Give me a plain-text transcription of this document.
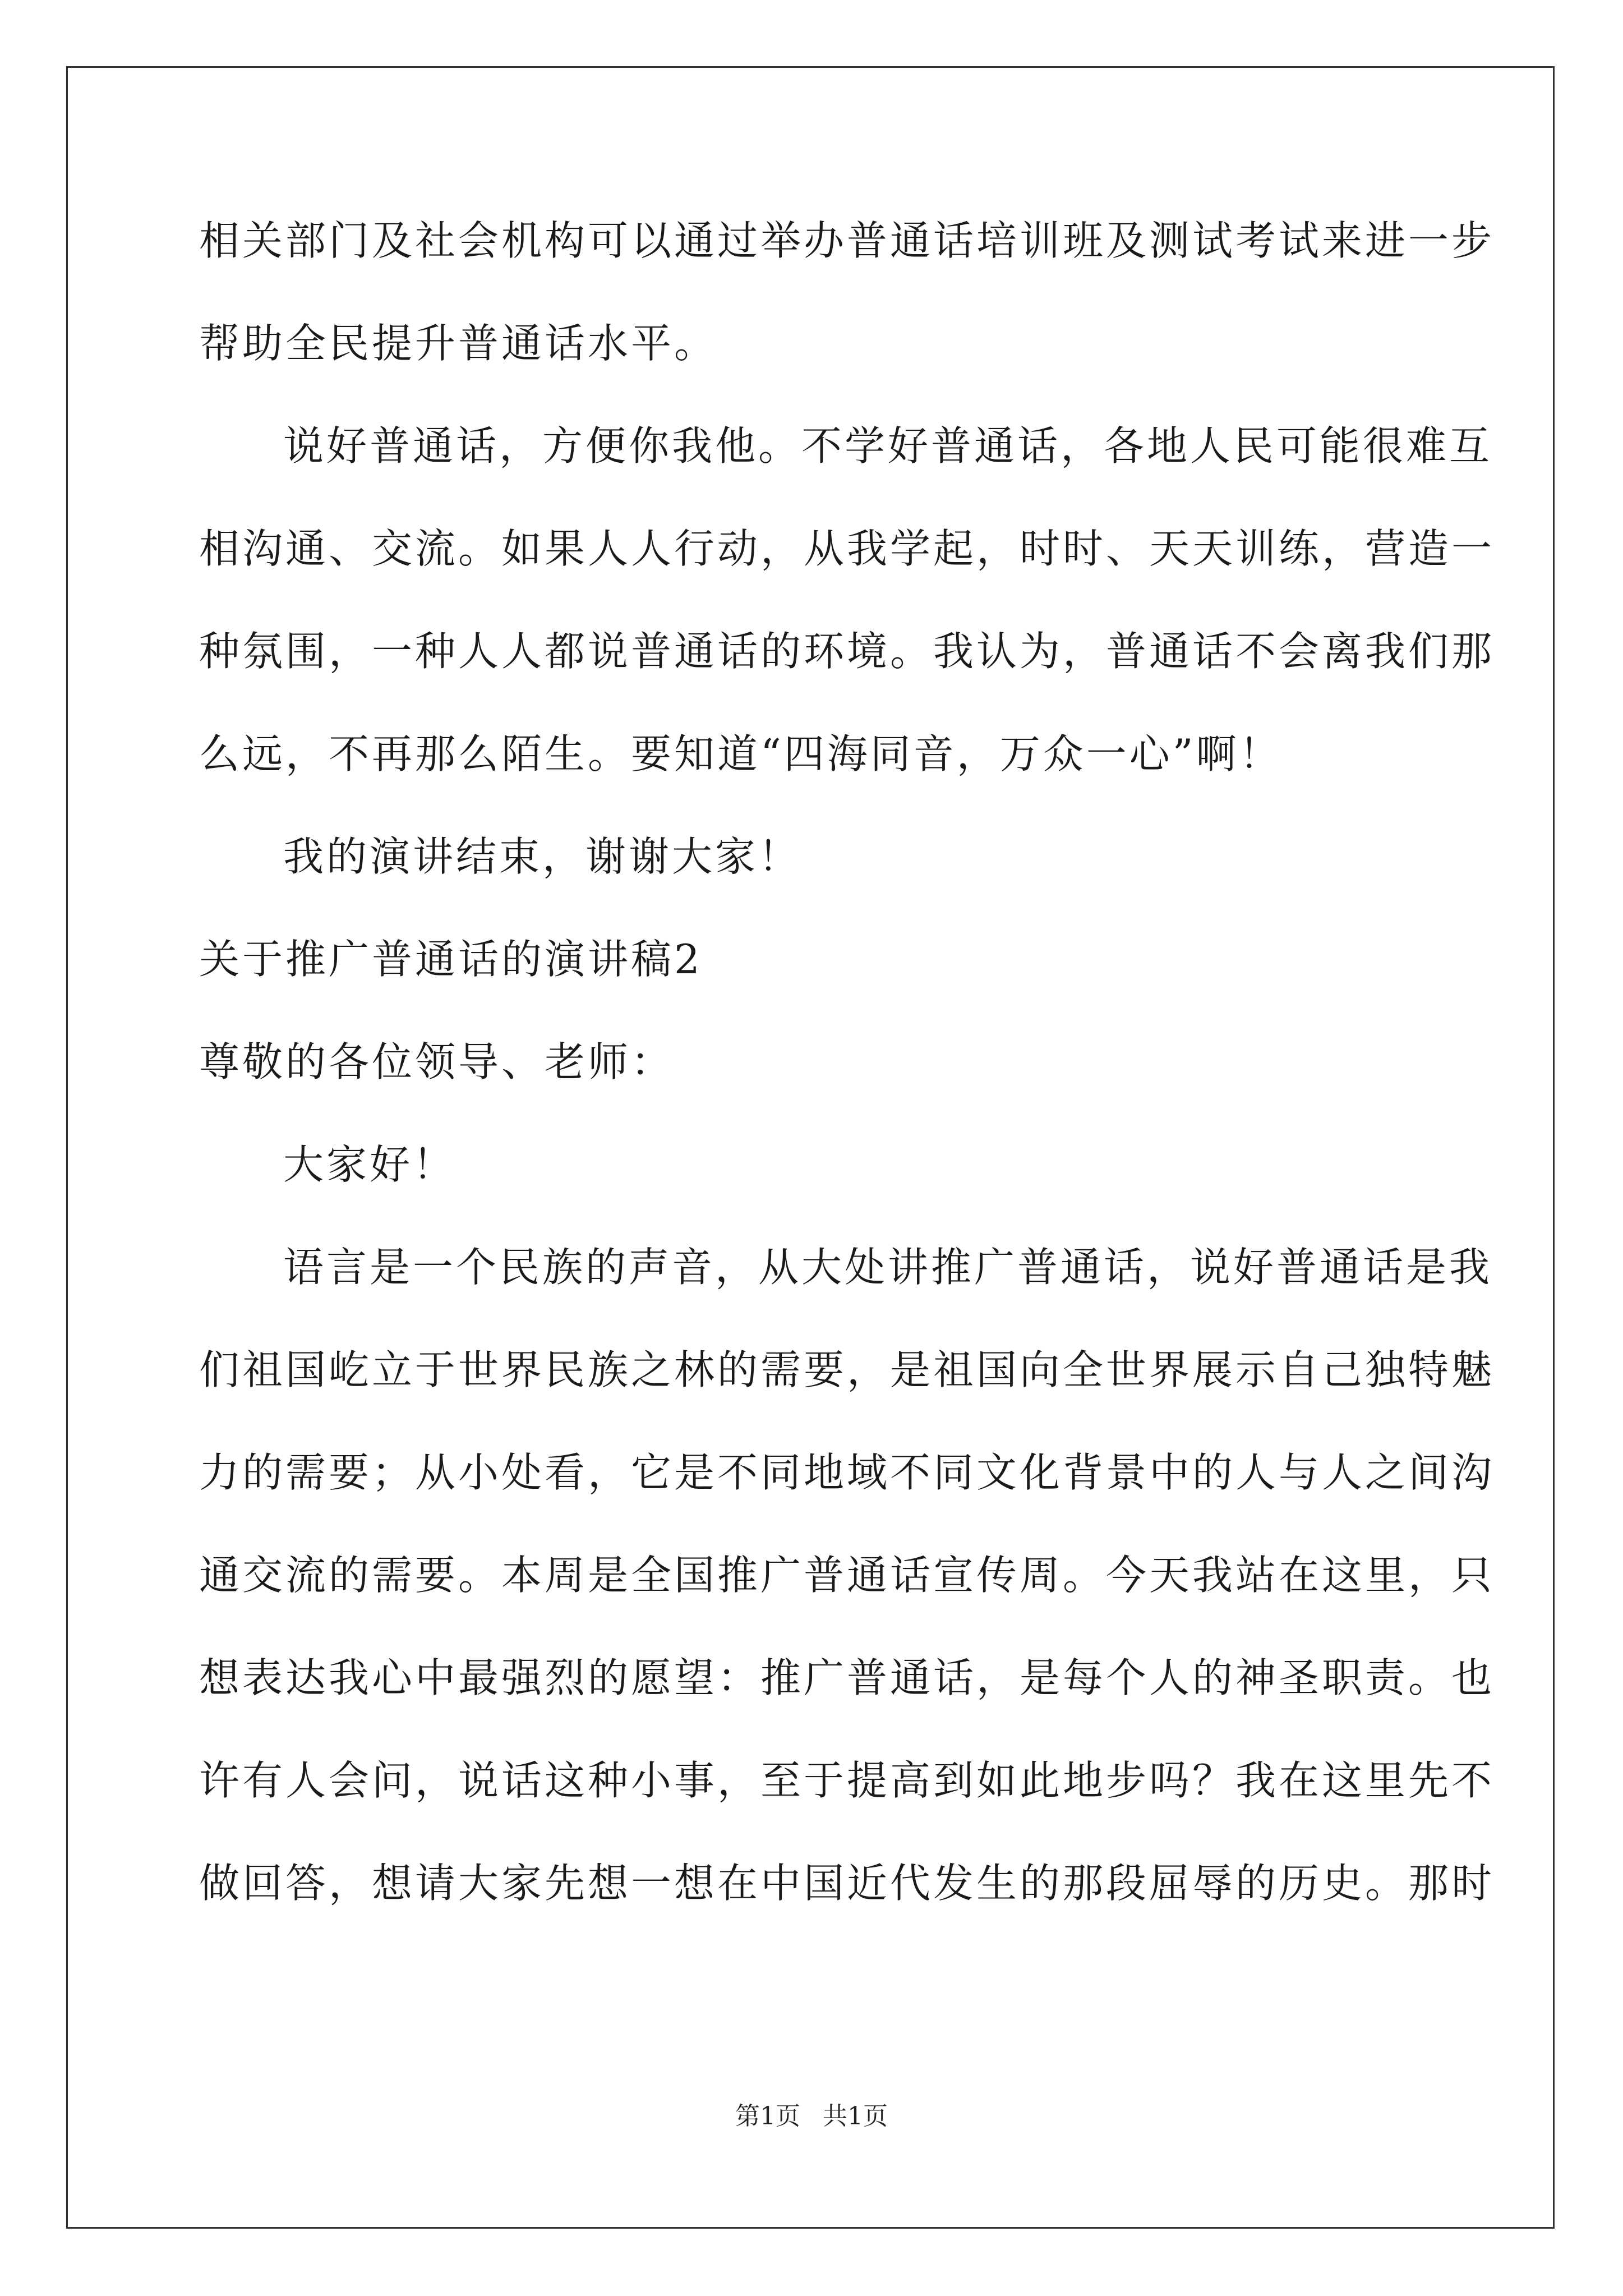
相关部门及社会机构可以通过举办普通话培训班及测试考试来进一步
帮助全民提升普通话水平。
说好普通话，方便你我他。不学好普通话，各地人民可能很难互
相沟通、交流。如果人人行动，从我学起，时时、天天训练，营造一
种氛围，一种人人都说普通话的环境。我认为，普通话不会离我们那
么远，不再那么陌生。要知道“四海同音，万众一心”啊！
我的演讲结束，谢谢大家！
关于推广普通话的演讲稿2
尊敬的各位领导、老师：
大家好！
语言是一个民族的声音，从大处讲推广普通话，说好普通话是我
们祖国屹立于世界民族之林的需要，是祖国向全世界展示自己独特魅
力的需要；从小处看，它是不同地域不同文化背景中的人与人之间沟
通交流的需要。本周是全国推广普通话宣传周。今天我站在这里，只
想表达我心中最强烈的愿望：推广普通话，是每个人的神圣职责。也
许有人会问，说话这种小事，至于提高到如此地步吗？我在这里先不
做回答，想请大家先想一想在中国近代发生的那段屈辱的历史。那时
第1页 共1页
